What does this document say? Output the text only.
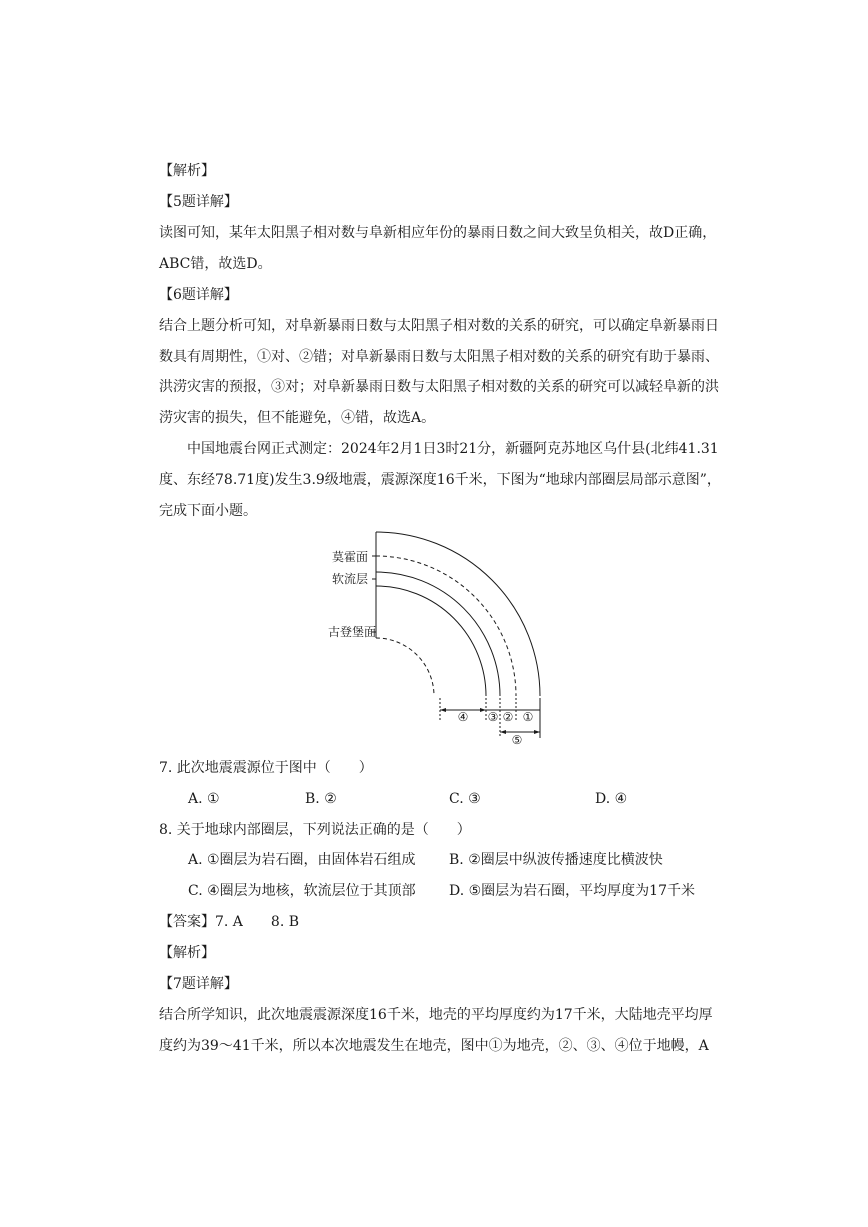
【解析】
【5题详解】
读图可知，某年太阳黑子相对数与阜新相应年份的暴雨日数之间大致呈负相关，故D正确，
ABC错，故选D。
【6题详解】
结合上题分析可知，对阜新暴雨日数与太阳黑子相对数的关系的研究，可以确定阜新暴雨日
数具有周期性，①对、②错；对阜新暴雨日数与太阳黑子相对数的关系的研究有助于暴雨、
洪涝灾害的预报，③对；对阜新暴雨日数与太阳黑子相对数的关系的研究可以减轻阜新的洪
涝灾害的损失，但不能避免，④错，故选A。
中国地震台网正式测定：2024年2月1日3时21分，新疆阿克苏地区乌什县(北纬41.31
度、东经78.71度)发生3.9级地震，震源深度16千米，下图为“地球内部圈层局部示意图”，
完成下面小题。
莫霍面
软流层
古登堡面
④ ③ ② ①
⑤
7. 此次地震震源位于图中（　　）
A. ①	B. ②	C. ③	D. ④
8. 关于地球内部圈层，下列说法正确的是（　　）
A. ①圈层为岩石圈，由固体岩石组成 B. ②圈层中纵波传播速度比横波快
C. ④圈层为地核，软流层位于其顶部 D. ⑤圈层为岩石圈，平均厚度为17千米
【答案】7. A　　8. B
【解析】
【7题详解】
结合所学知识，此次地震震源深度16千米，地壳的平均厚度约为17千米，大陆地壳平均厚
度约为39～41千米，所以本次地震发生在地壳，图中①为地壳，②、③、④位于地幔，A
